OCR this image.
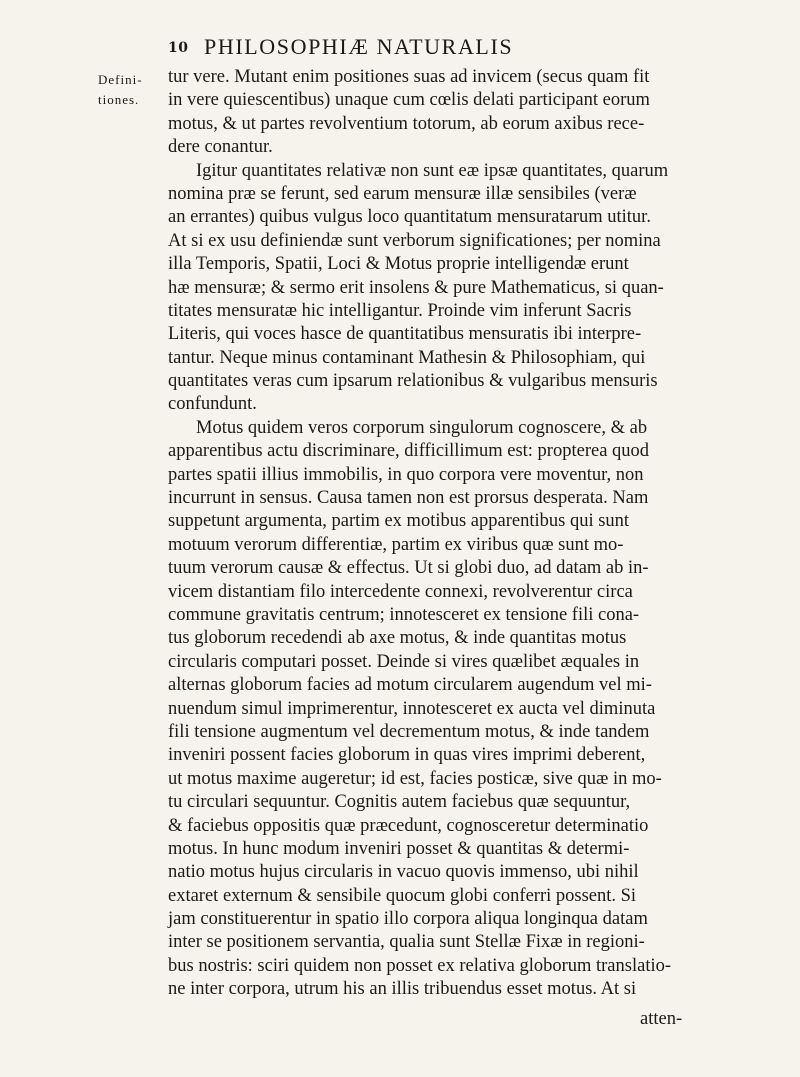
10 PHILOSOPHIÆ NATURALIS
Defini-
tiones.
tur vere. Mutant enim positiones suas ad invicem (secus quam fit
in vere quiescentibus) unaque cum cœlis delati participant eorum
motus, & ut partes revolventium totorum, ab eorum axibus rece-
dere conantur.
Igitur quantitates relativæ non sunt eæ ipsæ quantitates, quarum
nomina præ se ferunt, sed earum mensuræ illæ sensibiles (veræ
an errantes) quibus vulgus loco quantitatum mensuratarum utitur.
At si ex usu definiendæ sunt verborum significationes; per nomina
illa Temporis, Spatii, Loci & Motus proprie intelligendæ erunt
hæ mensuræ; & sermo erit insolens & pure Mathematicus, si quan-
titates mensuratæ hic intelligantur. Proinde vim inferunt Sacris
Literis, qui voces hasce de quantitatibus mensuratis ibi interpre-
tantur. Neque minus contaminant Mathesin & Philosophiam, qui
quantitates veras cum ipsarum relationibus & vulgaribus mensuris
confundunt.
Motus quidem veros corporum singulorum cognoscere, & ab
apparentibus actu discriminare, difficillimum est: propterea quod
partes spatii illius immobilis, in quo corpora vere moventur, non
incurrunt in sensus. Causa tamen non est prorsus desperata. Nam
suppetunt argumenta, partim ex motibus apparentibus qui sunt
motuum verorum differentiæ, partim ex viribus quæ sunt mo-
tuum verorum causæ & effectus. Ut si globi duo, ad datam ab in-
vicem distantiam filo intercedente connexi, revolverentur circa
commune gravitatis centrum; innotesceret ex tensione fili cona-
tus globorum recedendi ab axe motus, & inde quantitas motus
circularis computari posset. Deinde si vires quælibet æquales in
alternas globorum facies ad motum circularem augendum vel mi-
nuendum simul imprimerentur, innotesceret ex aucta vel diminuta
fili tensione augmentum vel decrementum motus, & inde tandem
inveniri possent facies globorum in quas vires imprimi deberent,
ut motus maxime augeretur; id est, facies posticæ, sive quæ in mo-
tu circulari sequuntur. Cognitis autem faciebus quæ sequuntur,
& faciebus oppositis quæ præcedunt, cognosceretur determinatio
motus. In hunc modum inveniri posset & quantitas & determi-
natio motus hujus circularis in vacuo quovis immenso, ubi nihil
extaret externum & sensibile quocum globi conferri possent. Si
jam constituerentur in spatio illo corpora aliqua longinqua datam
inter se positionem servantia, qualia sunt Stellæ Fixæ in regioni-
bus nostris: sciri quidem non posset ex relativa globorum translatio-
ne inter corpora, utrum his an illis tribuendus esset motus. At si
atten-
